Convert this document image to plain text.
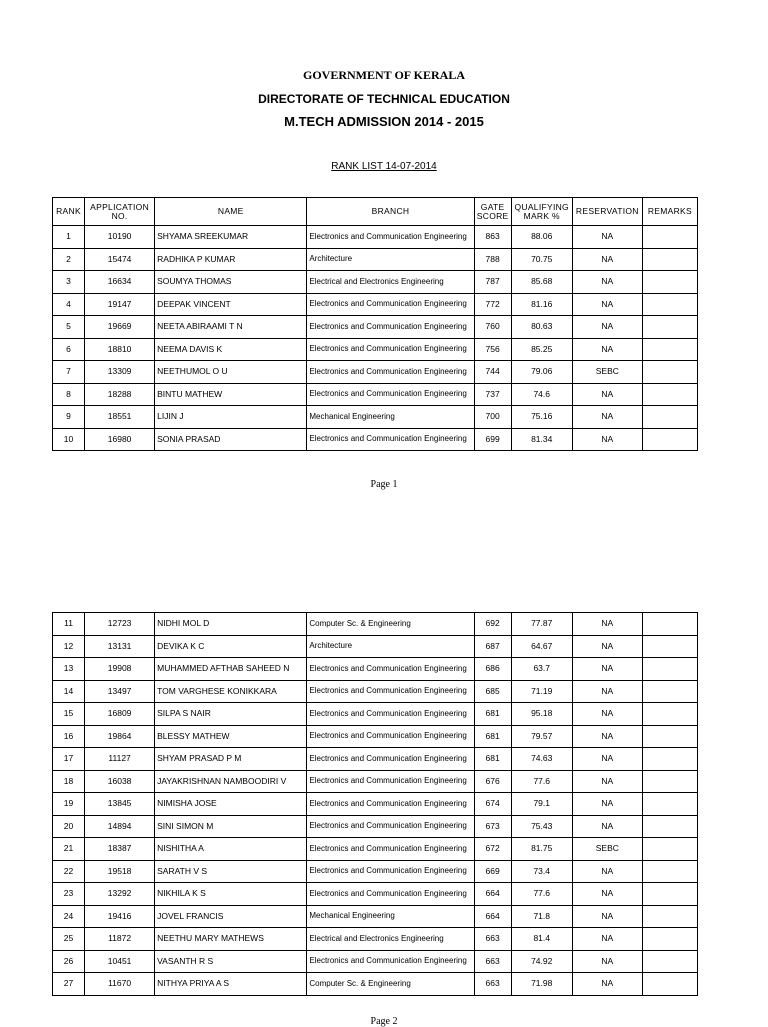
GOVERNMENT OF KERALA
DIRECTORATE OF TECHNICAL EDUCATION
M.TECH ADMISSION 2014 - 2015
RANK LIST 14-07-2014
RANK	APPLICATION NO.	NAME	BRANCH	GATE SCORE	QUALIFYING MARK %	RESERVATION	REMARKS
1	10190	SHYAMA SREEKUMAR	Electronics and Communication Engineering	863	88.06	NA	
2	15474	RADHIKA P KUMAR	Architecture	788	70.75	NA	
3	16634	SOUMYA THOMAS	Electrical and Electronics Engineering	787	85.68	NA	
4	19147	DEEPAK VINCENT	Electronics and Communication Engineering	772	81.16	NA	
5	19669	NEETA ABIRAAMI T N	Electronics and Communication Engineering	760	80.63	NA	
6	18810	NEEMA DAVIS K	Electronics and Communication Engineering	756	85.25	NA	
7	13309	NEETHUMOL O U	Electronics and Communication Engineering	744	79.06	SEBC	
8	18288	BINTU MATHEW	Electronics and Communication Engineering	737	74.6	NA	
9	18551	LIJIN J	Mechanical Engineering	700	75.16	NA	
10	16980	SONIA PRASAD	Electronics and Communication Engineering	699	81.34	NA	
Page 1
11	12723	NIDHI MOL D	Computer Sc. & Engineering	692	77.87	NA	
12	13131	DEVIKA K C	Architecture	687	64.67	NA	
13	19908	MUHAMMED AFTHAB SAHEED N	Electronics and Communication Engineering	686	63.7	NA	
14	13497	TOM VARGHESE KONIKKARA	Electronics and Communication Engineering	685	71.19	NA	
15	16809	SILPA S NAIR	Electronics and Communication Engineering	681	95.18	NA	
16	19864	BLESSY MATHEW	Electronics and Communication Engineering	681	79.57	NA	
17	11127	SHYAM PRASAD P M	Electronics and Communication Engineering	681	74.63	NA	
18	16038	JAYAKRISHNAN NAMBOODIRI V	Electronics and Communication Engineering	676	77.6	NA	
19	13845	NIMISHA JOSE	Electronics and Communication Engineering	674	79.1	NA	
20	14894	SINI SIMON M	Electronics and Communication Engineering	673	75.43	NA	
21	18387	NISHITHA A	Electronics and Communication Engineering	672	81.75	SEBC	
22	19518	SARATH V S	Electronics and Communication Engineering	669	73.4	NA	
23	13292	NIKHILA K S	Electronics and Communication Engineering	664	77.6	NA	
24	19416	JOVEL FRANCIS	Mechanical Engineering	664	71.8	NA	
25	11872	NEETHU MARY MATHEWS	Electrical and Electronics Engineering	663	81.4	NA	
26	10451	VASANTH R S	Electronics and Communication Engineering	663	74.92	NA	
27	11670	NITHYA PRIYA A S	Computer Sc. & Engineering	663	71.98	NA	
Page 2
